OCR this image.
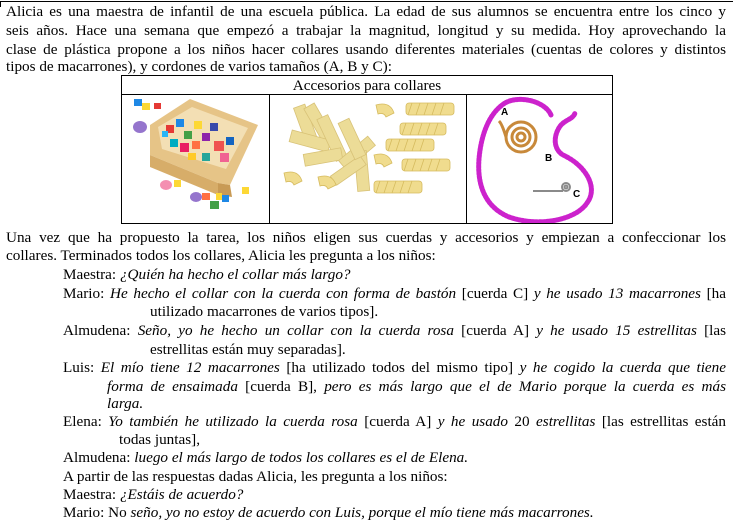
Alicia es una maestra de infantil de una escuela pública. La edad de sus alumnos se encuentra entre los cinco y
seis años. Hace una semana que empezó a trabajar la magnitud, longitud y su medida. Hoy aprovechando la
clase de plástica propone a los niños hacer collares usando diferentes materiales (cuentas de colores y distintos
tipos de macarrones), y cordones de varios tamaños (A, B y C):
Accesorios para collares

A
B
C
Una vez que ha propuesto la tarea, los niños eligen sus cuerdas y accesorios y empiezan a confeccionar los
collares. Terminados todos los collares, Alicia les pregunta a los niños:
Maestra: ¿Quién ha hecho el collar más largo?
Mario: He hecho el collar con la cuerda con forma de bastón [cuerda C] y he usado 13 macarrones [ha
utilizado macarrones de varios tipos].
Almudena: Seño, yo he hecho un collar con la cuerda rosa [cuerda A] y he usado 15 estrellitas [las
estrellitas están muy separadas].
Luis: El mío tiene 12 macarrones [ha utilizado todos del mismo tipo] y he cogido la cuerda que tiene
forma de ensaimada [cuerda B], pero es más largo que el de Mario porque la cuerda es más
larga.
Elena: Yo también he utilizado la cuerda rosa [cuerda A] y he usado 20 estrellitas [las estrellitas están
todas juntas],
Almudena: luego el más largo de todos los collares es el de Elena.
A partir de las respuestas dadas Alicia, les pregunta a los niños:
Maestra: ¿Estáis de acuerdo?
Mario: No seño, yo no estoy de acuerdo con Luis, porque el mío tiene más macarrones.
